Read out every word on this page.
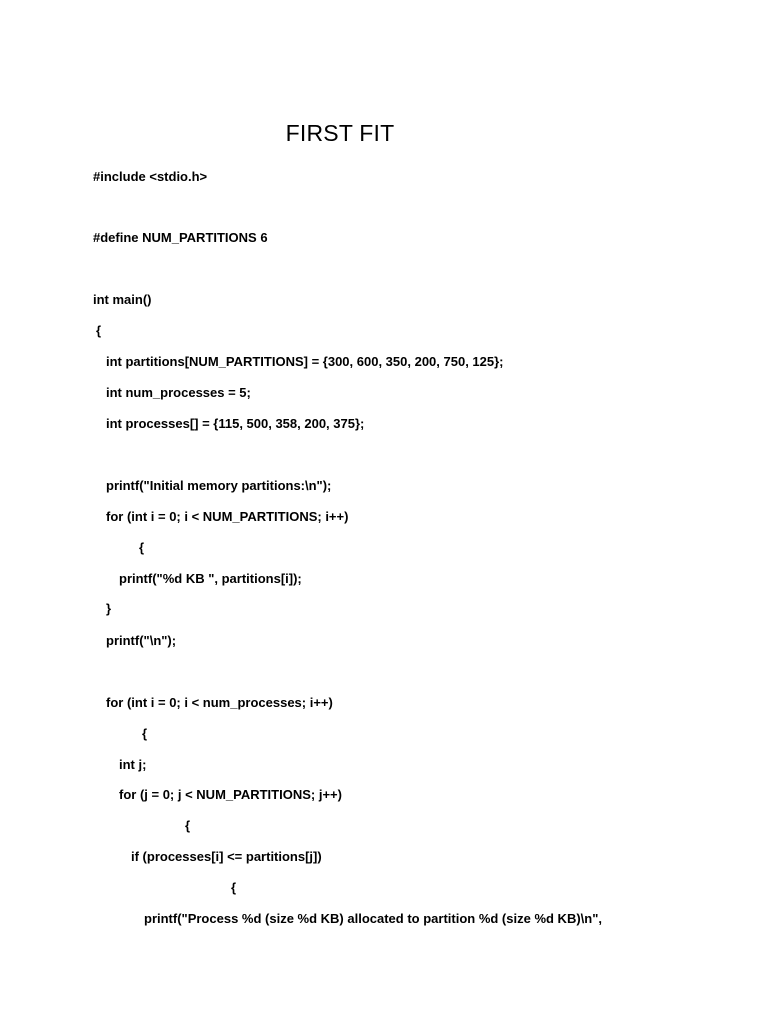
FIRST FIT
#include <stdio.h>
#define NUM_PARTITIONS 6
int main()
{
int partitions[NUM_PARTITIONS] = {300, 600, 350, 200, 750, 125};
int num_processes = 5;
int processes[] = {115, 500, 358, 200, 375};
printf("Initial memory partitions:\n");
for (int i = 0; i < NUM_PARTITIONS; i++)
{
printf("%d KB ", partitions[i]);
}
printf("\n");
for (int i = 0; i < num_processes; i++)
{
int j;
for (j = 0; j < NUM_PARTITIONS; j++)
{
if (processes[i] <= partitions[j])
{
printf("Process %d (size %d KB) allocated to partition %d (size %d KB)\n",
